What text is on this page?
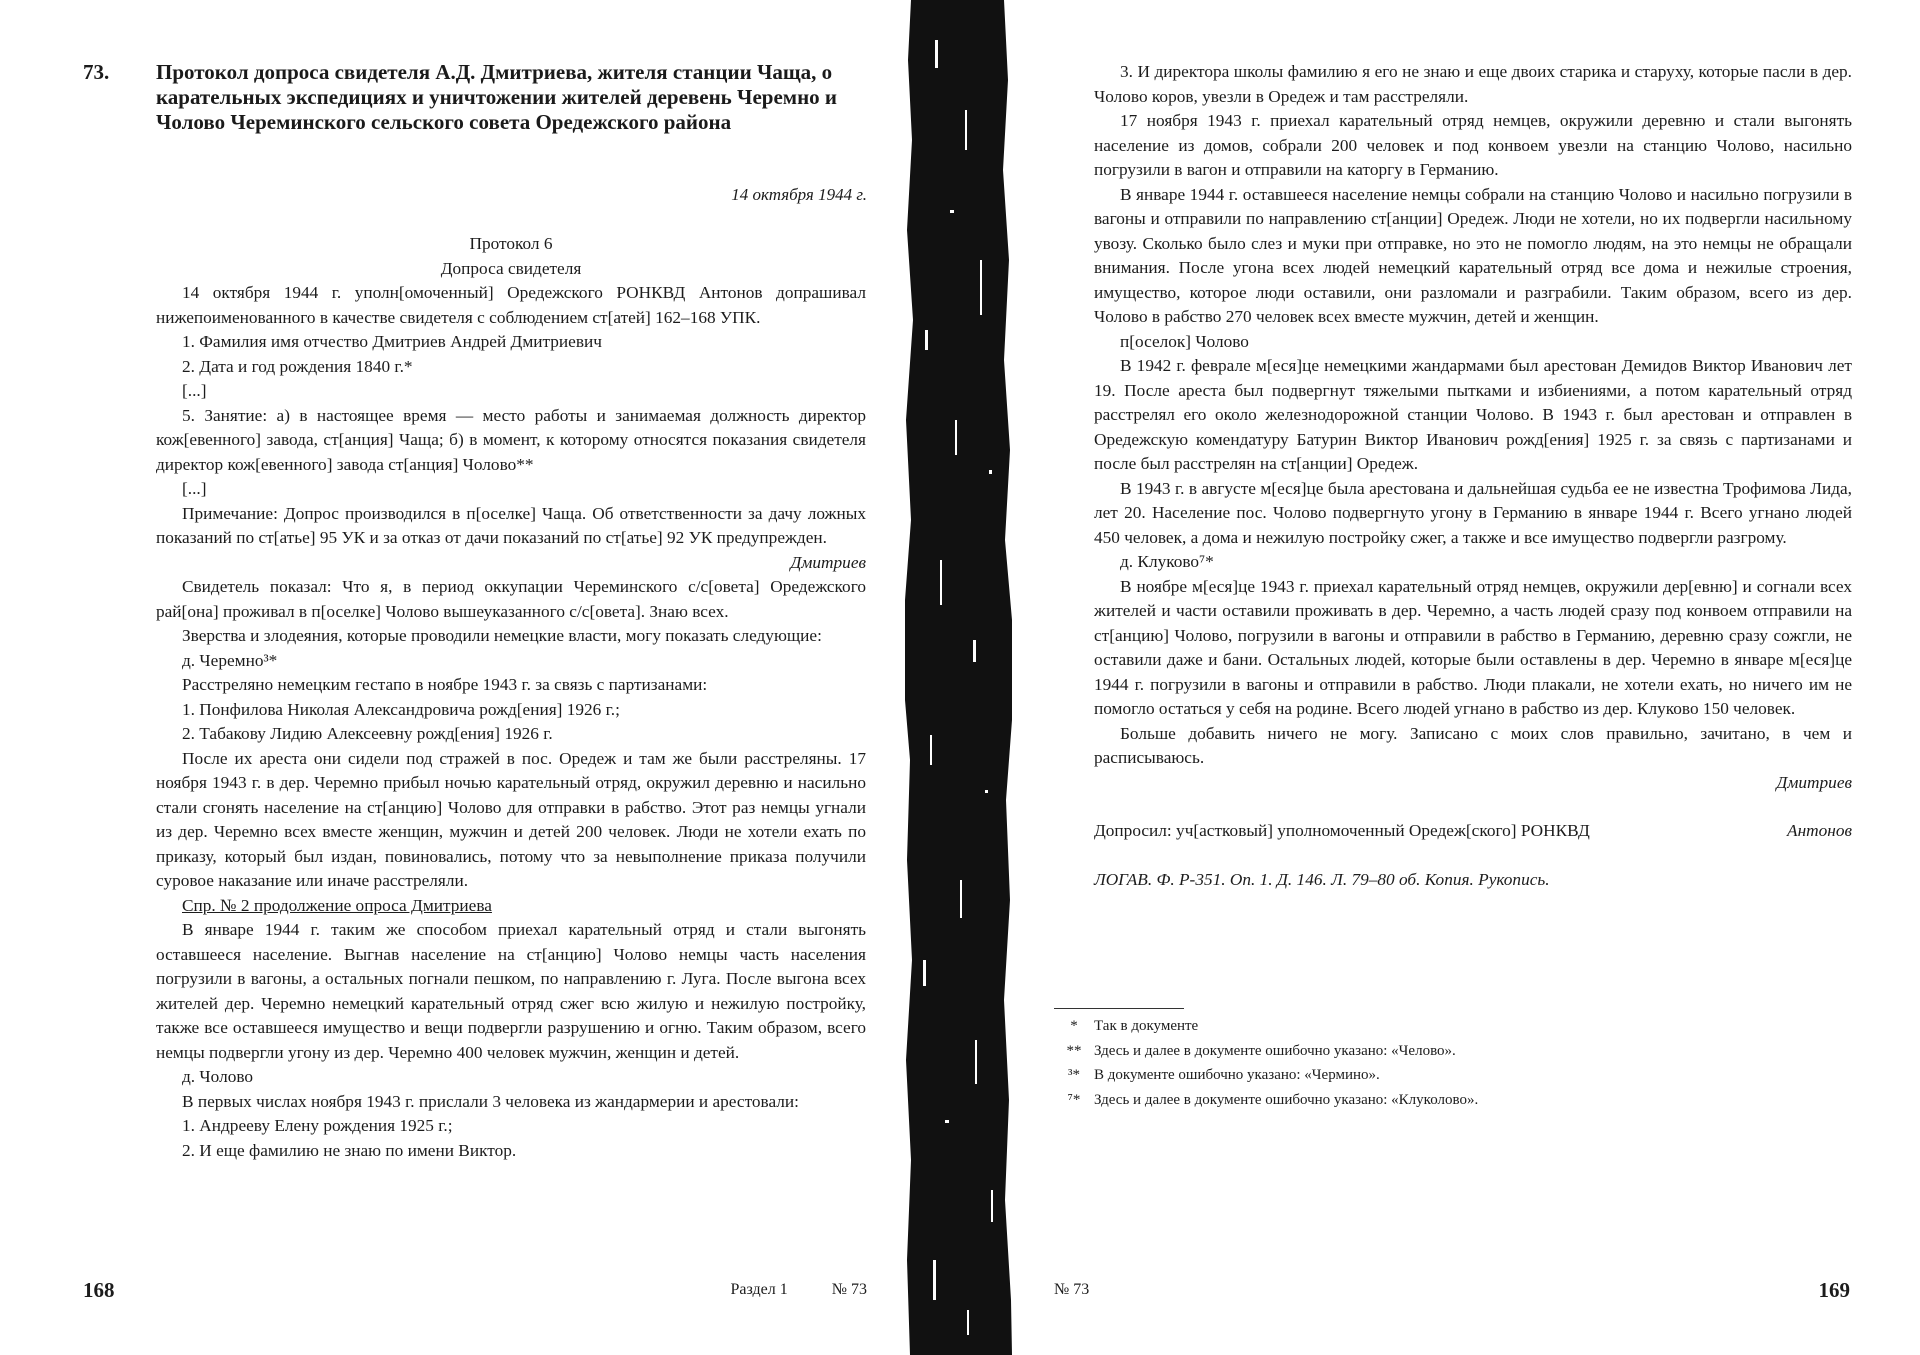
73. Протокол допроса свидетеля А.Д. Дмитриева, жителя станции Чаща, о карательных экспедициях и уничтожении жителей деревень Черемно и Чолово Череминского сельского совета Оредежского района
14 октября 1944 г.

Протокол 6

Допроса свидетеля

14 октября 1944 г. уполн[омоченный] Оредежского РОНКВД Антонов допрашивал нижепоименованного в качестве свидетеля с соблюдением ст[атей] 162–168 УПК.

1. Фамилия имя отчество Дмитриев Андрей Дмитриевич

2. Дата и год рождения 1840 г.*

[...]

5. Занятие: а) в настоящее время — место работы и занимаемая должность директор кож[евенного] завода, ст[анция] Чаща; б) в момент, к которому относятся показания свидетеля директор кож[евенного] завода ст[анция] Чолово**

[...]

Примечание: Допрос производился в п[оселке] Чаща. Об ответственности за дачу ложных показаний по ст[атье] 95 УК и за отказ от дачи показаний по ст[атье] 92 УК предупрежден.

Дмитриев

Свидетель показал: Что я, в период оккупации Череминского с/с[овета] Оредежского рай[она] проживал в п[оселке] Чолово вышеуказанного с/с[овета]. Знаю всех.

Зверства и злодеяния, которые проводили немецкие власти, могу показать следующие:

д. Черемно³*

Расстреляно немецким гестапо в ноябре 1943 г. за связь с партизанами:

1. Понфилова Николая Александровича рожд[ения] 1926 г.;

2. Табакову Лидию Алексеевну рожд[ения] 1926 г.

После их ареста они сидели под стражей в пос. Оредеж и там же были расстреляны. 17 ноября 1943 г. в дер. Черемно прибыл ночью карательный отряд, окружил деревню и насильно стали сгонять население на ст[анцию] Чолово для отправки в рабство. Этот раз немцы угнали из дер. Черемно всех вместе женщин, мужчин и детей 200 человек. Люди не хотели ехать по приказу, который был издан, повиновались, потому что за невыполнение приказа получили суровое наказание или иначе расстреляли.

Спр. № 2 продолжение опроса Дмитриева

В январе 1944 г. таким же способом приехал карательный отряд и стали выгонять оставшееся население. Выгнав население на ст[анцию] Чолово немцы часть населения погрузили в вагоны, а остальных погнали пешком, по направлению г. Луга. После выгона всех жителей дер. Черемно немецкий карательный отряд сжег всю жилую и нежилую постройку, также все оставшееся имущество и вещи подвергли разрушению и огню. Таким образом, всего немцы подвергли угону из дер. Черемно 400 человек мужчин, женщин и детей.

д. Чолово

В первых числах ноября 1943 г. прислали 3 человека из жандармерии и арестовали:

1. Андрееву Елену рождения 1925 г.;

2. И еще фамилию не знаю по имени Виктор.

168	Раздел 1	№ 73

3. И директора школы фамилию я его не знаю и еще двоих старика и старуху, которые пасли в дер. Чолово коров, увезли в Оредеж и там расстреляли.

17 ноября 1943 г. приехал карательный отряд немцев, окружили деревню и стали выгонять население из домов, собрали 200 человек и под конвоем увезли на станцию Чолово, насильно погрузили в вагон и отправили на каторгу в Германию.

В январе 1944 г. оставшееся население немцы собрали на станцию Чолово и насильно погрузили в вагоны и отправили по направлению ст[анции] Оредеж. Люди не хотели, но их подвергли насильному увозу. Сколько было слез и муки при отправке, но это не помогло людям, на это немцы не обращали внимания. После угона всех людей немецкий карательный отряд все дома и нежилые строения, имущество, которое люди оставили, они разломали и разграбили. Таким образом, всего из дер. Чолово в рабство 270 человек всех вместе мужчин, детей и женщин.

п[оселок] Чолово

В 1942 г. феврале м[еся]це немецкими жандармами был арестован Демидов Виктор Иванович лет 19. После ареста был подвергнут тяжелыми пытками и избиениями, а потом карательный отряд расстрелял его около железнодорожной станции Чолово. В 1943 г. был арестован и отправлен в Оредежскую комендатуру Батурин Виктор Иванович рожд[ения] 1925 г. за связь с партизанами и после был расстрелян на ст[анции] Оредеж.

В 1943 г. в августе м[еся]це была арестована и дальнейшая судьба ее не известна Трофимова Лида, лет 20. Население пос. Чолово подвергнуто угону в Германию в январе 1944 г. Всего угнано людей 450 человек, а дома и нежилую постройку сжег, а также и все имущество подвергли разгрому.

д. Клуково⁷*

В ноябре м[еся]це 1943 г. приехал карательный отряд немцев, окружили дер[евню] и согнали всех жителей и части оставили проживать в дер. Черемно, а часть людей сразу под конвоем отправили на ст[анцию] Чолово, погрузили в вагоны и отправили в рабство в Германию, деревню сразу сожгли, не оставили даже и бани. Остальных людей, которые были оставлены в дер. Черемно в январе м[еся]це 1944 г. погрузили в вагоны и отправили в рабство. Люди плакали, не хотели ехать, но ничего им не помогло остаться у себя на родине. Всего людей угнано в рабство из дер. Клуково 150 человек.

Больше добавить ничего не могу. Записано с моих слов правильно, зачитано, в чем и расписываюсь.

Дмитриев

Допросил: уч[астковый] уполномоченный Оредеж[ского] РОНКВД	Антонов

ЛОГАВ. Ф. Р-351. Оп. 1. Д. 146. Л. 79–80 об. Копия. Рукопись.

*	Так в документе
** Здесь и далее в документе ошибочно указано: «Челово».
³* В документе ошибочно указано: «Чермино».
⁷* Здесь и далее в документе ошибочно указано: «Клуколово».
№ 73	169
